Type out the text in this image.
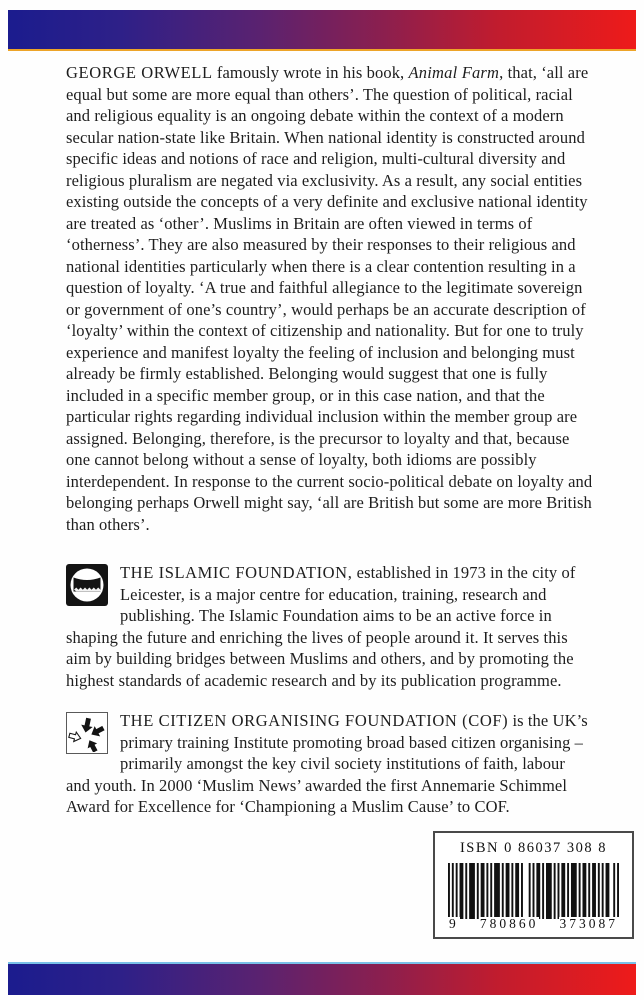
GEORGE ORWELL famously wrote in his book, Animal Farm, that, ‘all are equal but some are more equal than others’. The question of political, racial and religious equality is an ongoing debate within the context of a modern secular nation-state like Britain. When national identity is constructed around specific ideas and notions of race and religion, multi-cultural diversity and religious pluralism are negated via exclusivity. As a result, any social entities existing outside the concepts of a very definite and exclusive national identity are treated as ‘other’. Muslims in Britain are often viewed in terms of ‘otherness’. They are also measured by their responses to their religious and national identities particularly when there is a clear contention resulting in a question of loyalty. ‘A true and faithful allegiance to the legitimate sovereign or government of one’s country’, would perhaps be an accurate description of ‘loyalty’ within the context of citizenship and nationality. But for one to truly experience and manifest loyalty the feeling of inclusion and belonging must already be firmly established. Belonging would suggest that one is fully included in a specific member group, or in this case nation, and that the particular rights regarding individual inclusion within the member group are assigned. Belonging, therefore, is the precursor to loyalty and that, because one cannot belong without a sense of loyalty, both idioms are possibly interdependent. In response to the current socio-political debate on loyalty and belonging perhaps Orwell might say, ‘all are British but some are more British than others’.

THE ISLAMIC FOUNDATION, established in 1973 in the city of Leicester, is a major centre for education, training, research and publishing. The Islamic Foundation aims to be an active force in shaping the future and enriching the lives of people around it. It serves this aim by building bridges between Muslims and others, and by promoting the highest standards of academic research and by its publication programme.

THE CITIZEN ORGANISING FOUNDATION (COF) is the UK’s primary training Institute promoting broad based citizen organising – primarily amongst the key civil society institutions of faith, labour and youth. In 2000 ‘Muslim News’ awarded the first Annemarie Schimmel Award for Excellence for ‘Championing a Muslim Cause’ to COF.

ISBN 0 86037 308 8
9 780860 373087
